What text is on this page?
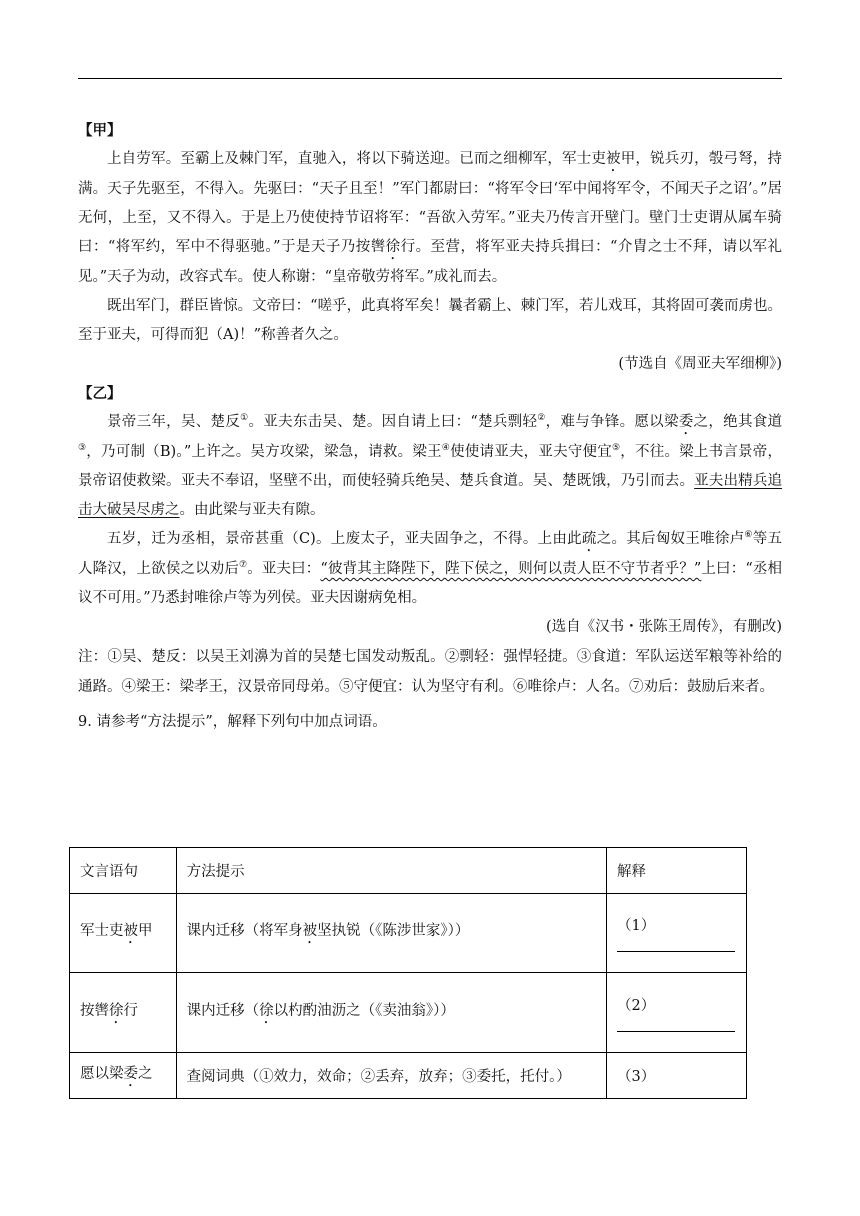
【甲】

上自劳军。至霸上及棘门军，直驰入，将以下骑送迎。已而之细柳军，军士吏被甲，锐兵刃，彀弓弩，持满。天子先驱至，不得入。先驱曰：“天子且至！”军门都尉曰：“将军令曰‘军中闻将军令，不闻天子之诏’。”居无何，上至，又不得入。于是上乃使使持节诏将军：“吾欲入劳军。”亚夫乃传言开壁门。壁门士吏谓从属车骑曰：“将军约，军中不得驱驰。”于是天子乃按辔徐行。至营，将军亚夫持兵揖曰：“介胄之士不拜，请以军礼见。”天子为动，改容式车。使人称谢：“皇帝敬劳将军。”成礼而去。

既出军门，群臣皆惊。文帝曰：“嗟乎，此真将军矣！曩者霸上、棘门军，若儿戏耳，其将固可袭而虏也。至于亚夫，可得而犯（A)！”称善者久之。

(节选自《周亚夫军细柳》)

【乙】

景帝三年，吴、楚反①。亚夫东击吴、楚。因自请上曰：“楚兵剽轻②，难与争锋。愿以梁委之，绝其食道③，乃可制（B)。”上许之。吴方攻梁，梁急，请救。梁王④使使请亚夫，亚夫守便宜⑤，不往。梁上书言景帝，景帝诏使救梁。亚夫不奉诏，坚壁不出，而使轻骑兵绝吴、楚兵食道。吴、楚既饿，乃引而去。亚夫出精兵追击大破吴尽虏之。由此梁与亚夫有隙。

五岁，迁为丞相，景帝甚重（C)。上废太子，亚夫固争之，不得。上由此疏之。其后匈奴王唯徐卢⑥等五人降汉，上欲侯之以劝后⑦。亚夫曰：“彼背其主降陛下，陛下侯之，则何以责人臣不守节者乎？”上曰：“丞相议不可用。”乃悉封唯徐卢等为列侯。亚夫因谢病免相。

(选自《汉书・张陈王周传》，有删改)

注：①吴、楚反：以吴王刘濞为首的吴楚七国发动叛乱。②剽轻：强悍轻捷。③食道：军队运送军粮等补给的通路。④梁王：梁孝王，汉景帝同母弟。⑤守便宜：认为坚守有利。⑥唯徐卢：人名。⑦劝后：鼓励后来者。

9. 请参考“方法提示”，解释下列句中加点词语。

文言语句	方法提示	解释
军士吏被甲	课内迁移（将军身被坚执锐（《陈涉世家》））	（1）

按辔徐行	课内迁移（徐以杓酌油沥之（《卖油翁》））	（2）

愿以梁委之	查阅词典（①效力，效命；②丢弃，放弃；③委托，托付。）	（3）
